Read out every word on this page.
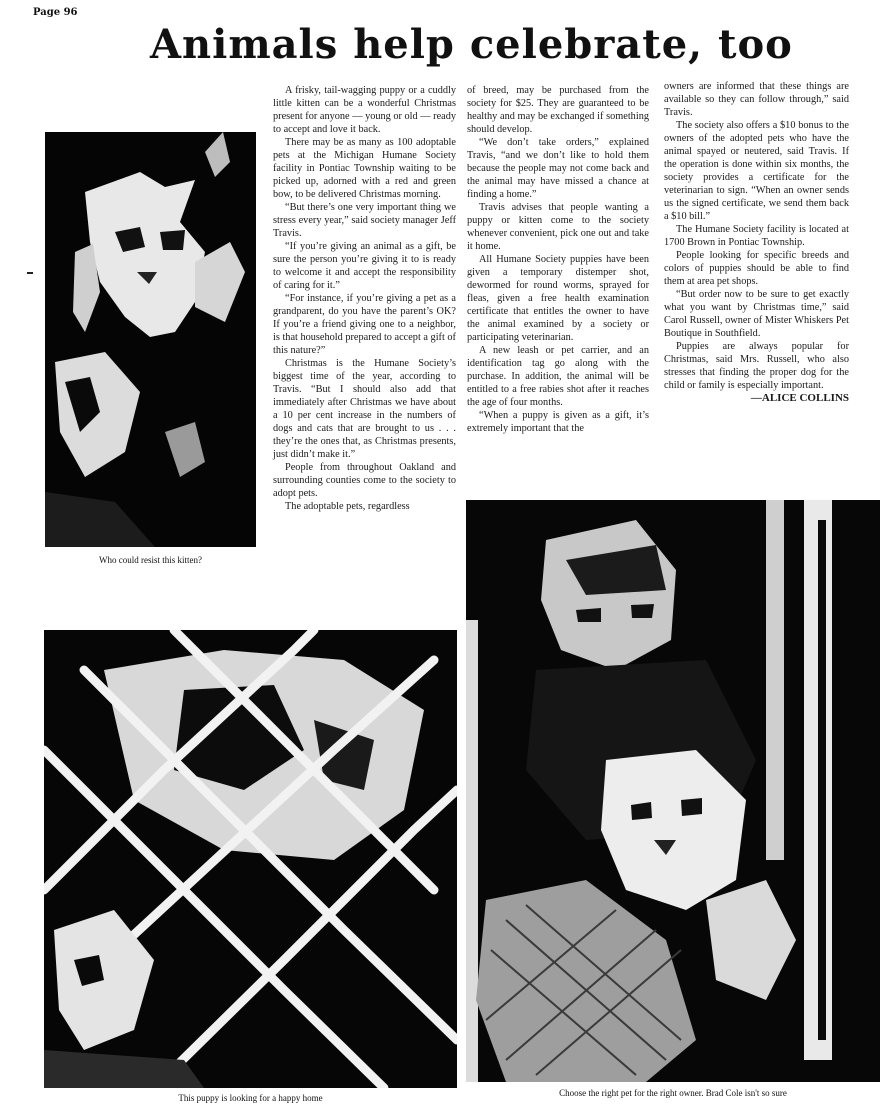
Page 96
Animals help celebrate, too
Who could resist this kitten?

A frisky, tail-wagging puppy or a cuddly little kitten can be a wonderful Christmas present for anyone — young or old — ready to accept and love it back.

There may be as many as 100 adoptable pets at the Michigan Humane Society facility in Pontiac Township waiting to be picked up, adorned with a red and green bow, to be delivered Christmas morning.

“But there’s one very important thing we stress every year,” said society manager Jeff Travis.

“If you’re giving an animal as a gift, be sure the person you’re giving it to is ready to welcome it and accept the responsibility of caring for it.”

“For instance, if you’re giving a pet as a grandparent, do you have the parent’s OK? If you’re a friend giving one to a neighbor, is that household prepared to accept a gift of this nature?”

Christmas is the Humane Society’s biggest time of the year, according to Travis. “But I should also add that immediately after Christmas we have about a 10 per cent increase in the numbers of dogs and cats that are brought to us . . . they’re the ones that, as Christmas presents, just didn’t make it.”

People from throughout Oakland and surrounding counties come to the society to adopt pets.

The adoptable pets, regardless

of breed, may be purchased from the society for $25. They are guaranteed to be healthy and may be exchanged if something should develop.

“We don’t take orders,” explained Travis, “and we don’t like to hold them because the people may not come back and the animal may have missed a chance at finding a home.”

Travis advises that people wanting a puppy or kitten come to the society whenever convenient, pick one out and take it home.

All Humane Society puppies have been given a temporary distemper shot, dewormed for round worms, sprayed for fleas, given a free health examination certificate that entitles the owner to have the animal examined by a society or participating veterinarian.

A new leash or pet carrier, and an identification tag go along with the purchase. In addition, the animal will be entitled to a free rabies shot after it reaches the age of four months.

“When a puppy is given as a gift, it’s extremely important that the

owners are informed that these things are available so they can follow through,” said Travis.

The society also offers a $10 bonus to the owners of the adopted pets who have the animal spayed or neutered, said Travis. If the operation is done within six months, the society provides a certificate for the veterinarian to sign. “When an owner sends us the signed certificate, we send them back a $10 bill.”

The Humane Society facility is located at 1700 Brown in Pontiac Township.

People looking for specific breeds and colors of puppies should be able to find them at area pet shops.

“But order now to be sure to get exactly what you want by Christmas time,” said Carol Russell, owner of Mister Whiskers Pet Boutique in Southfield.

Puppies are always popular for Christmas, said Mrs. Russell, who also stresses that finding the proper dog for the child or family is especially important.

—ALICE COLLINS

This puppy is looking for a happy home	Choose the right pet for the right owner. Brad Cole isn't so sure
